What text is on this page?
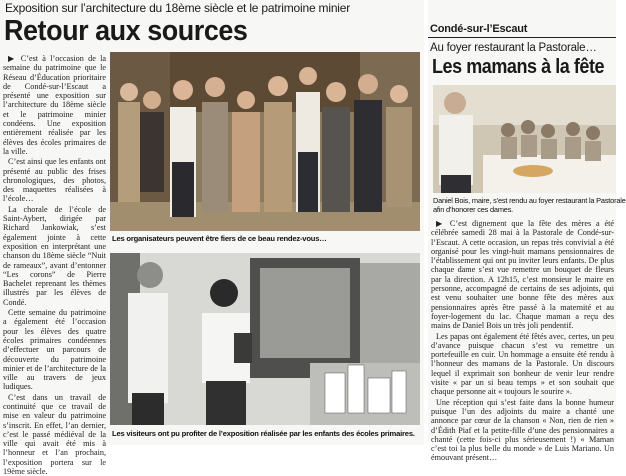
Exposition sur l’architecture du 18ème siècle et le patrimoine minier
Retour aux sources

▶ C’est à l’occasion de la semaine du patrimoine que le Réseau d’Éducation prioritaire de Condé-sur-l’Escaut a présenté une exposition sur l’architecture du 18ème siècle et le patrimoine minier condéens. Une exposition entièrement réalisée par les élèves des écoles primaires de la ville.

C’est ainsi que les enfants ont présenté au public des frises chronologiques, des photos, des maquettes réalisées à l’école…

La chorale de l’école de Saint-Aybert, dirigée par Richard Jankowiak, s’est également jointe à cette exposition en interprétant une chanson du 18ème siècle “Nuit de rameaux”, avant d’entonner “Les corons” de Pierre Bachelet reprenant les thèmes illustrés par les élèves de Condé.

Cette semaine du patrimoine a également été l’occasion pour les élèves des quatre écoles primaires condéennes d’effectuer un parcours de découverte du patrimoine minier et de l’architecture de la ville au travers de jeux ludiques.

C’est dans un travail de continuité que ce travail de mise en valeur du patrimoine s’inscrit. En effet, l’an dernier, c’est le passé médiéval de la ville qui avait été mis à l’honneur et l’an prochain, l’exposition portera sur le 19ème siècle.

Les organisateurs peuvent être fiers de ce beau rendez-vous…
Les visiteurs ont pu profiter de l’exposition réalisée par les enfants des écoles primaires.
Condé-sur-l’Escaut
Au foyer restaurant la Pastorale…
Les mamans à la fête
Daniel Bois, maire, s’est rendu au foyer restaurant la Pastorale
afin d’honorer ces dames.

▶ C’est dignement que la fête des mères a été célébrée samedi 28 mai à la Pastorale de Condé-sur-l’Escaut. A cette occasion, un repas très convivial a été organisé pour les vingt-huit mamans pensionnaires de l’établissement qui ont pu inviter leurs enfants. De plus chaque dame s’est vue remettre un bouquet de fleurs par la direction. A 12h15, c’est monsieur le maire en personne, accompagné de certains de ses adjoints, qui est venu souhaiter une bonne fête des mères aux pensionnaires après être passé à la maternité et au foyer-logement du lac. Chaque maman a reçu des mains de Daniel Bois un très joli pendentif.

Les papas ont également été fêtés avec, certes, un peu d’avance puisque chacun s’est vu remettre un portefeuille en cuir. Un hommage a ensuite été rendu à l’honneur des mamans de la Pastorale. Un discours lequel il exprimait son bonheur de venir leur rendre visite « par un si beau temps » et son souhait que chaque personne ait « toujours le sourire ».

Une réception qui s’est faite dans la bonne humeur puisque l’un des adjoints du maire a chanté une annonce par cœur de la chanson « Non, rien de rien » d’Édith Piaf et la petite-fille d’une des pensionnaires a chanté (cette fois-ci plus sérieusement !) « Maman c’est toi la plus belle du monde » de Luis Mariano. Un émouvant présent…
